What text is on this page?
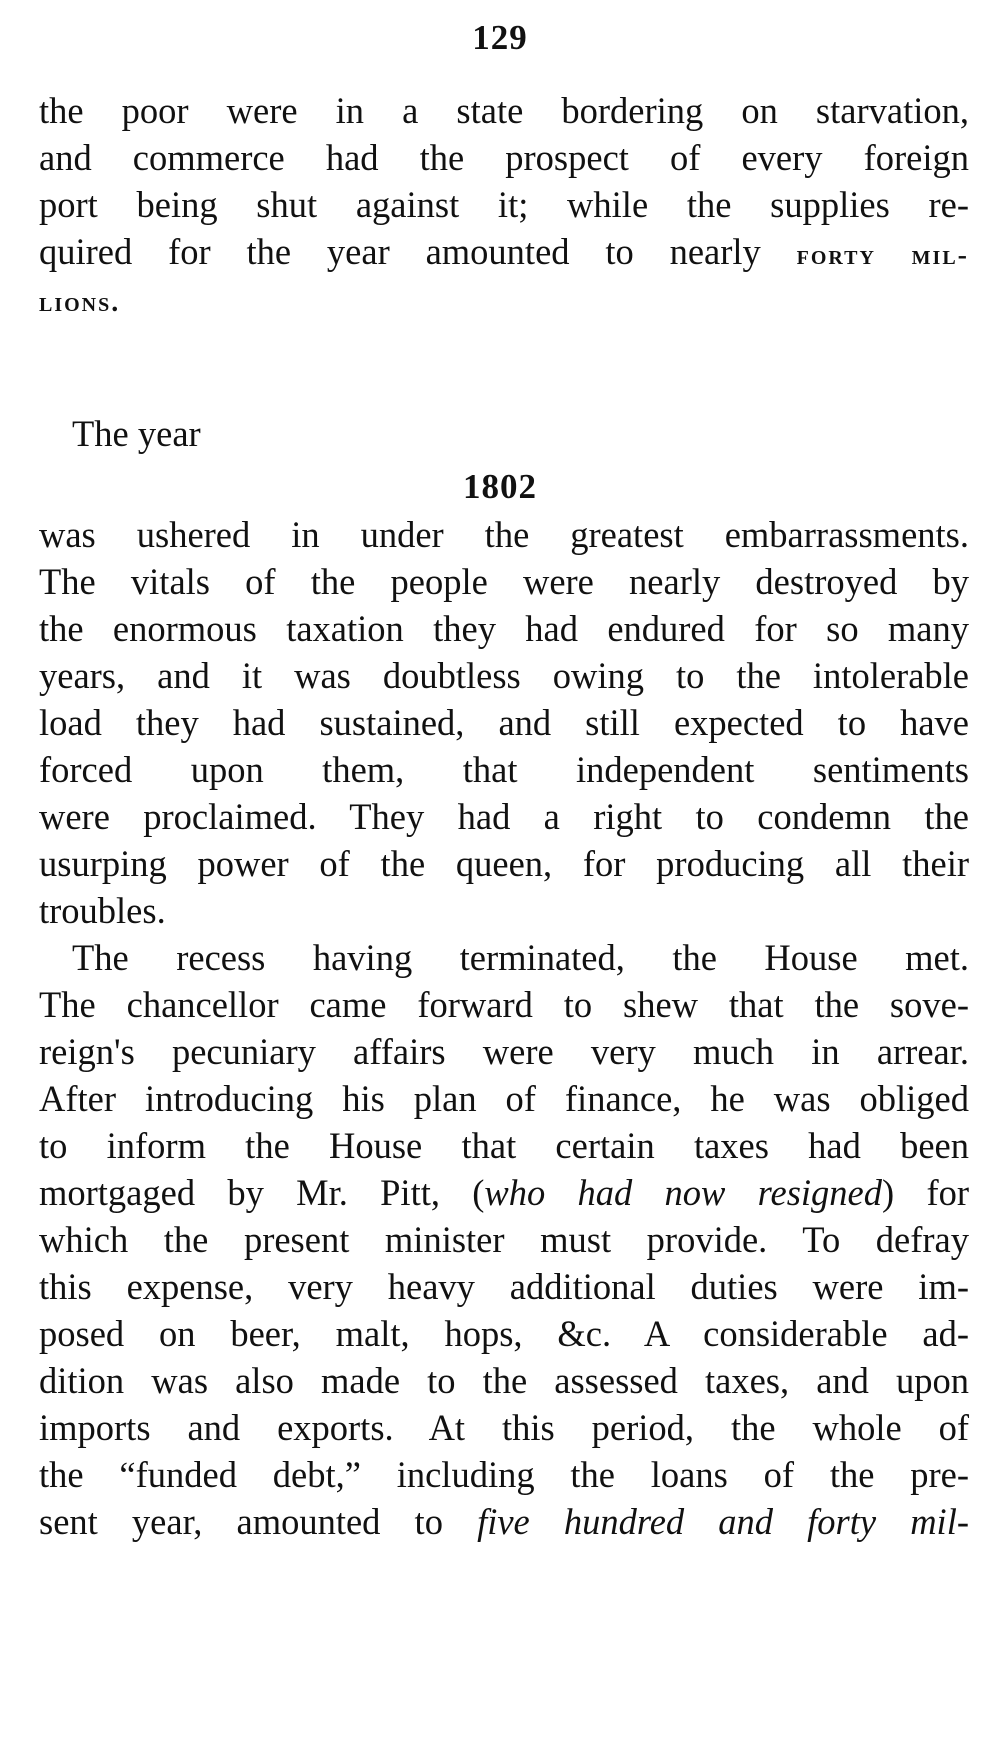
129
the poor were in a state bordering on starvation,
and commerce had the prospect of every foreign
port being shut against it; while the supplies re-
quired for the year amounted to nearly forty mil-
lions.
The year
1802
was ushered in under the greatest embarrassments.
The vitals of the people were nearly destroyed by
the enormous taxation they had endured for so many
years, and it was doubtless owing to the intolerable
load they had sustained, and still expected to have
forced upon them, that independent sentiments
were proclaimed. They had a right to condemn the
usurping power of the queen, for producing all their
troubles.
The recess having terminated, the House met.
The chancellor came forward to shew that the sove-
reign's pecuniary affairs were very much in arrear.
After introducing his plan of finance, he was obliged
to inform the House that certain taxes had been
mortgaged by Mr. Pitt, (who had now resigned) for
which the present minister must provide. To defray
this expense, very heavy additional duties were im-
posed on beer, malt, hops, &c. A considerable ad-
dition was also made to the assessed taxes, and upon
imports and exports. At this period, the whole of
the “funded debt,” including the loans of the pre-
sent year, amounted to five hundred and forty mil-
